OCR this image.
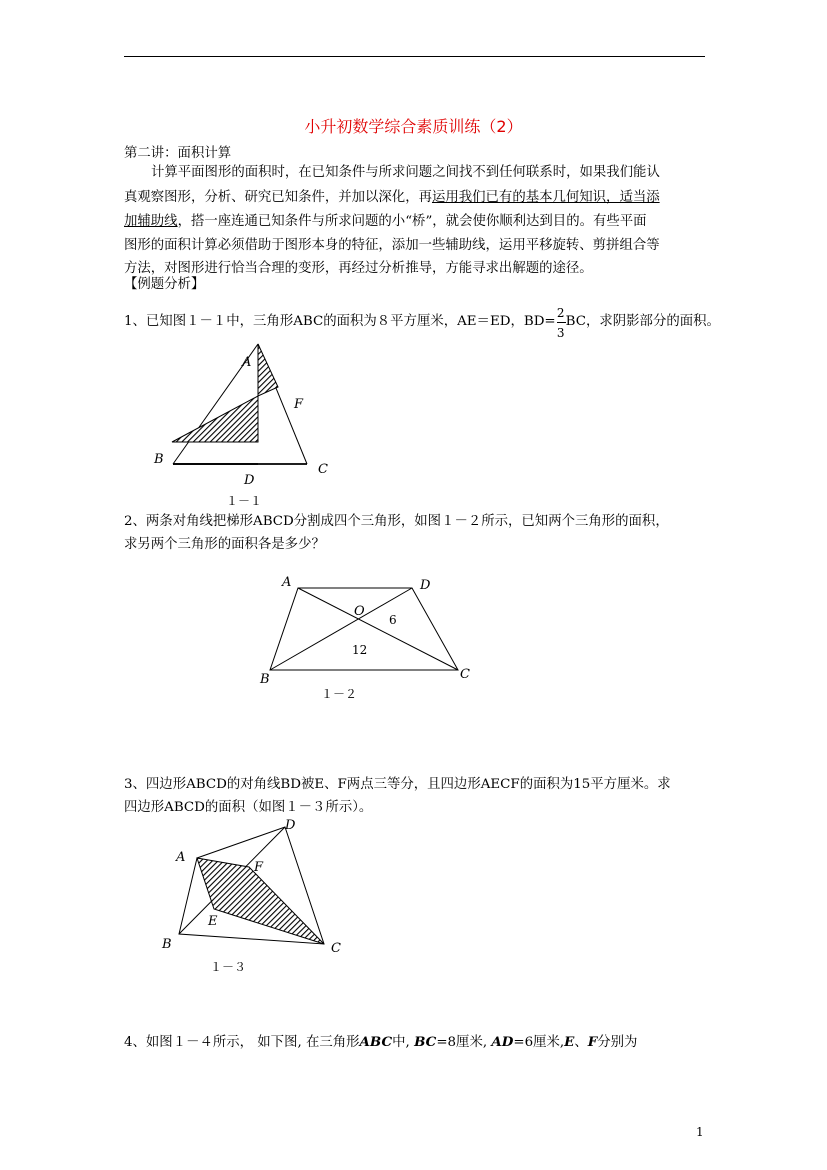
小升初数学综合素质训练（2）
第二讲：面积计算
计算平面图形的面积时，在已知条件与所求问题之间找不到任何联系时，如果我们能认
真观察图形，分析、研究已知条件，并加以深化，再运用我们已有的基本几何知识，适当添
加辅助线，搭一座连通已知条件与所求问题的小“桥”，就会使你顺利达到目的。有些平面
图形的面积计算必须借助于图形本身的特征，添加一些辅助线，运用平移旋转、剪拼组合等
方法，对图形进行恰当合理的变形，再经过分析推导，方能寻求出解题的途径。
【例题分析】
1、已知图１－１中，三角形ABC的面积为８平方厘米，AE＝ED，$BD= \frac{2}{3}$ BC，求阴影部分的面积。
A
F
B
C
D
１－１
2、两条对角线把梯形ABCD分割成四个三角形，如图１－２所示，已知两个三角形的面积，
求另两个三角形的面积各是多少？
A	D
O
6
12
B	C
１－２
3、四边形ABCD的对角线BD被E、F两点三等分，且四边形AECF的面积为15平方厘米。求
四边形ABCD的面积（如图１－３所示）。
A
D
F
E
B	C
１－３
4、如图１－４所示， 如下图, 在三角形ABC中, BC=8厘米, AD=6厘米,E、F分别为
1
